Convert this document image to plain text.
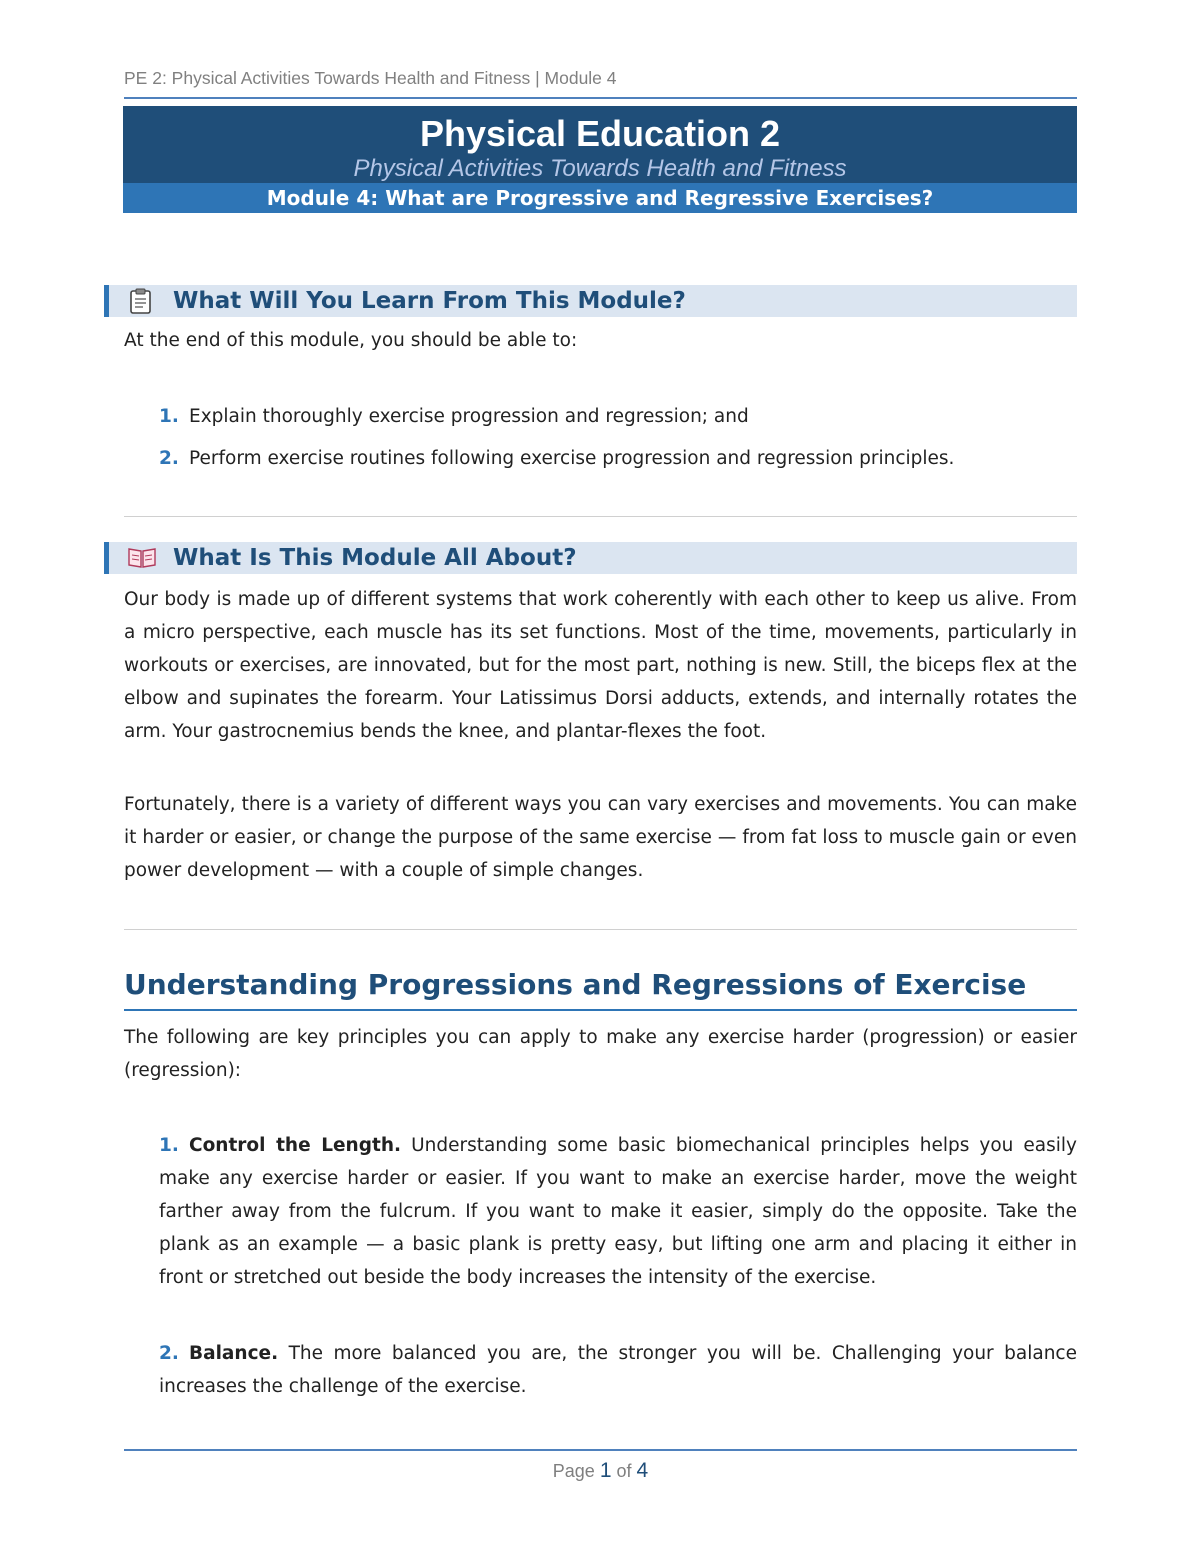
PE 2: Physical Activities Towards Health and Fitness | Module 4
Physical Education 2
Physical Activities Towards Health and Fitness
Module 4: What are Progressive and Regressive Exercises?
What Will You Learn From This Module?
At the end of this module, you should be able to:
1. Explain thoroughly exercise progression and regression; and
2. Perform exercise routines following exercise progression and regression principles.
What Is This Module All About?
Our body is made up of different systems that work coherently with each other to keep us alive. From a micro perspective, each muscle has its set functions. Most of the time, movements, particularly in workouts or exercises, are innovated, but for the most part, nothing is new. Still, the biceps flex at the elbow and supinates the forearm. Your Latissimus Dorsi adducts, extends, and internally rotates the arm. Your gastrocnemius bends the knee, and plantar-flexes the foot.
Fortunately, there is a variety of different ways you can vary exercises and movements. You can make it harder or easier, or change the purpose of the same exercise — from fat loss to muscle gain or even power development — with a couple of simple changes.
Understanding Progressions and Regressions of Exercise
The following are key principles you can apply to make any exercise harder (progression) or easier (regression):
1. Control the Length. Understanding some basic biomechanical principles helps you easily make any exercise harder or easier. If you want to make an exercise harder, move the weight farther away from the fulcrum. If you want to make it easier, simply do the opposite. Take the plank as an example — a basic plank is pretty easy, but lifting one arm and placing it either in front or stretched out beside the body increases the intensity of the exercise.
2. Balance. The more balanced you are, the stronger you will be. Challenging your balance increases the challenge of the exercise.
Page 1 of 4
